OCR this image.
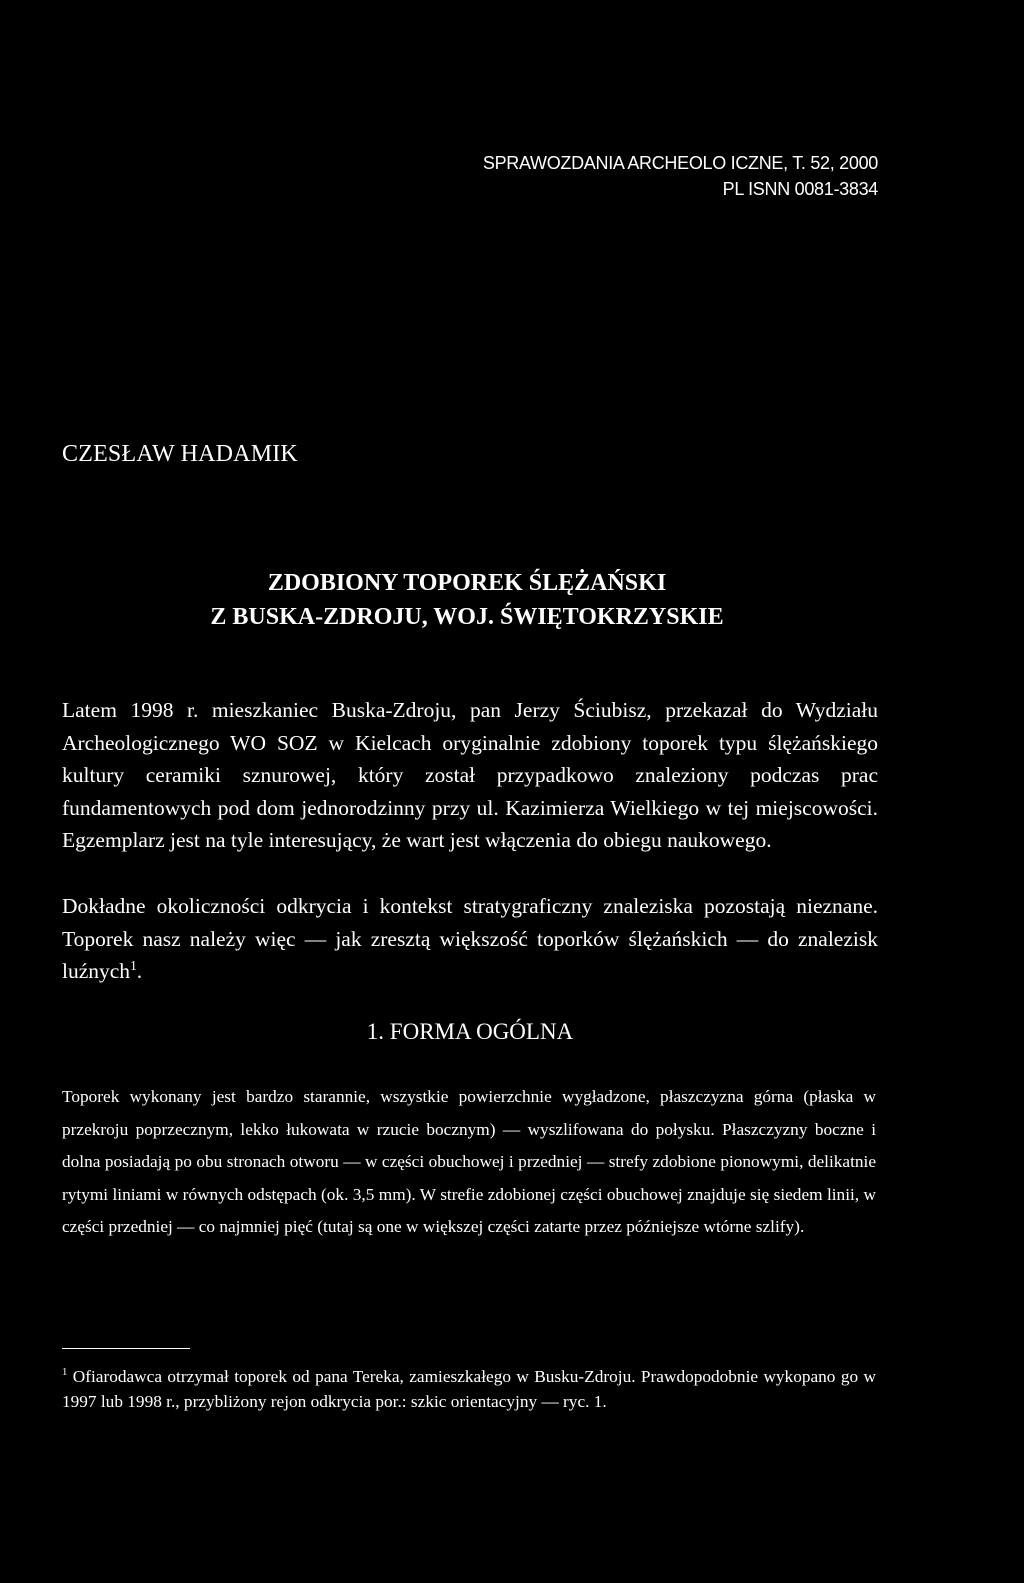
SPRAWOZDANIA ARCHEOLO ICZNE, T. 52, 2000
PL ISNN 0081-3834
CZESŁAW HADAMIK
ZDOBIONY TOPOREK ŚLĘŻAŃSKI
Z BUSKA-ZDROJU, WOJ. ŚWIĘTOKRZYSKIE

Latem 1998 r. mieszkaniec Buska-Zdroju, pan Jerzy Ściubisz, przekazał do Wydziału Archeologicznego WO SOZ w Kielcach oryginalnie zdobiony toporek typu ślężańskiego kultury ceramiki sznurowej, który został przypadkowo znaleziony podczas prac fundamentowych pod dom jednorodzinny przy ul. Kazimierza Wielkiego w tej miejscowości. Egzemplarz jest na tyle interesujący, że wart jest włączenia do obiegu naukowego.

Dokładne okoliczności odkrycia i kontekst stratygraficzny znaleziska pozostają nieznane. Toporek nasz należy więc — jak zresztą większość toporków ślężańskich — do znalezisk luźnych$^1$.

1. FORMA OGÓLNA
Toporek wykonany jest bardzo starannie, wszystkie powierzchnie wygładzone, płaszczyzna górna (płaska w przekroju poprzecznym, lekko łukowata w rzucie bocznym) — wyszlifowana do połysku. Płaszczyzny boczne i dolna posiadają po obu stronach otworu — w części obuchowej i przedniej — strefy zdobione pionowymi, delikatnie rytymi liniami w równych odstępach (ok. 3,5 mm). W strefie zdobionej części obuchowej znajduje się siedem linii, w części przedniej — co najmniej pięć (tutaj są one w większej części zatarte przez późniejsze wtórne szlify).
$^1$ Ofiarodawca otrzymał toporek od pana Tereka, zamieszkałego w Busku-Zdroju. Prawdopodobnie wykopano go w 1997 lub 1998 r., przybliżony rejon odkrycia por.: szkic orientacyjny — ryc. 1.
